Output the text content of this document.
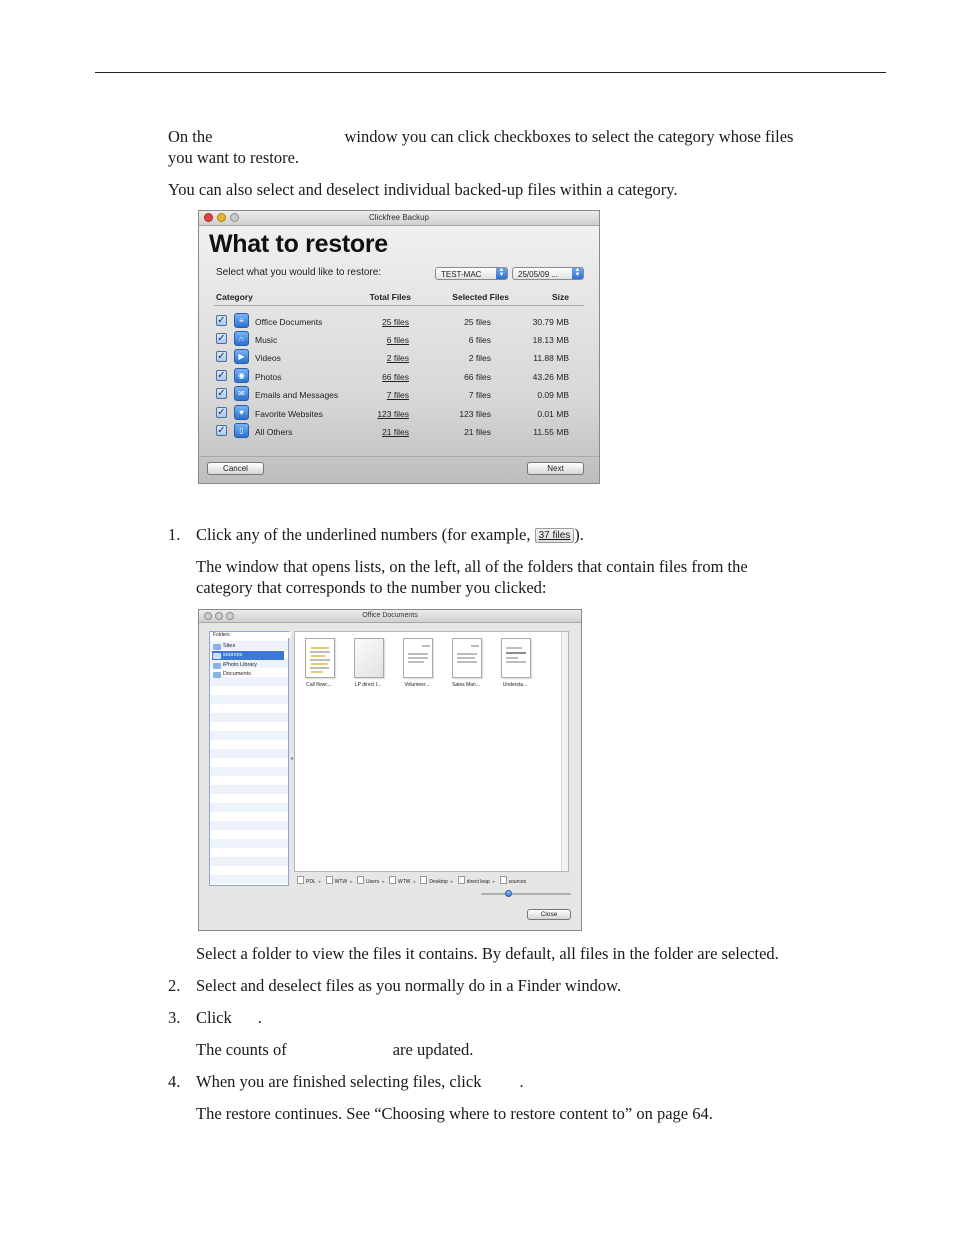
On the	window you can click checkboxes to select the category whose files
you want to restore.

You can also select and deselect individual backed-up files within a category.

Clickfree Backup
What to restore
Select what you would like to restore:	TEST-MAC	▲
▼	25/05/09 ...	▲
▼
Category	Total Files	Selected Files	Size
✓	≡	Office Documents	25 files	25 files	30.79 MB
✓	∩	Music	6 files	6 files	18.13 MB
✓	▶	Videos	2 files	2 files	11.88 MB
✓	◉	Photos	66 files	66 files	43.26 MB
✓	✉	Emails and Messages	7 files	7 files	0.09 MB
✓	♥	Favorite Websites	123 files	123 files	0.01 MB
✓	▯	All Others	21 files	21 files	11.55 MB
Cancel	Next
1. Click any of the underlined numbers (for example, 37 files ).

The window that opens lists, on the left, all of the folders that contain files from the
category that corresponds to the number you clicked:

Office Documents
Folders
Sites
sources
iPhoto Library
Documents
▸
Call flowc...	LP direct l...	Volunteer...	Sales Man...	Understa...
PDL ▸	WTW ▸	Users ▸	WTW ▸	Desktop ▸	direct leap ▸	sources
Close

Select a folder to view the files it contains. By default, all files in the folder are selected.

2. Select and deselect files as you normally do in a Finder window.

3. Click .

The counts of	are updated.

4. When you are finished selecting files, click .

The restore continues. See “Choosing where to restore content to” on page 64.
